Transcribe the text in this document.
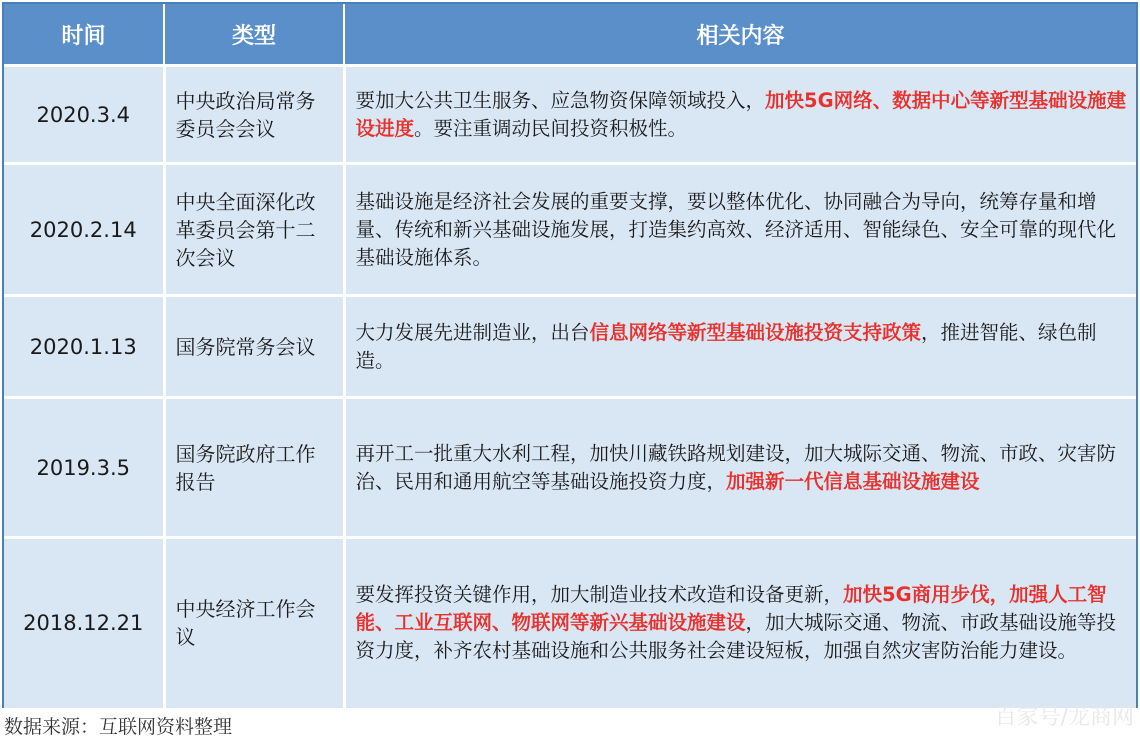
时间	类型	相关内容
2020.3.4	中央政治局常务委员会会议	要加大公共卫生服务、应急物资保障领域投入，加快5G网络、数据中心等新型基础设施建设进度。要注重调动民间投资积极性。
2020.2.14	中央全面深化改革委员会第十二次会议	基础设施是经济社会发展的重要支撑，要以整体优化、协同融合为导向，统筹存量和增量、传统和新兴基础设施发展，打造集约高效、经济适用、智能绿色、安全可靠的现代化基础设施体系。
2020.1.13	国务院常务会议	大力发展先进制造业，出台信息网络等新型基础设施投资支持政策，推进智能、绿色制造。
2019.3.5	国务院政府工作报告	再开工一批重大水利工程，加快川藏铁路规划建设，加大城际交通、物流、市政、灾害防治、民用和通用航空等基础设施投资力度，加强新一代信息基础设施建设
2018.12.21	中央经济工作会议	要发挥投资关键作用，加大制造业技术改造和设备更新，加快5G商用步伐，加强人工智能、工业互联网、物联网等新兴基础设施建设，加大城际交通、物流、市政基础设施等投资力度，补齐农村基础设施和公共服务社会建设短板，加强自然灾害防治能力建设。
数据来源：互联网资料整理	百家号/龙商网
